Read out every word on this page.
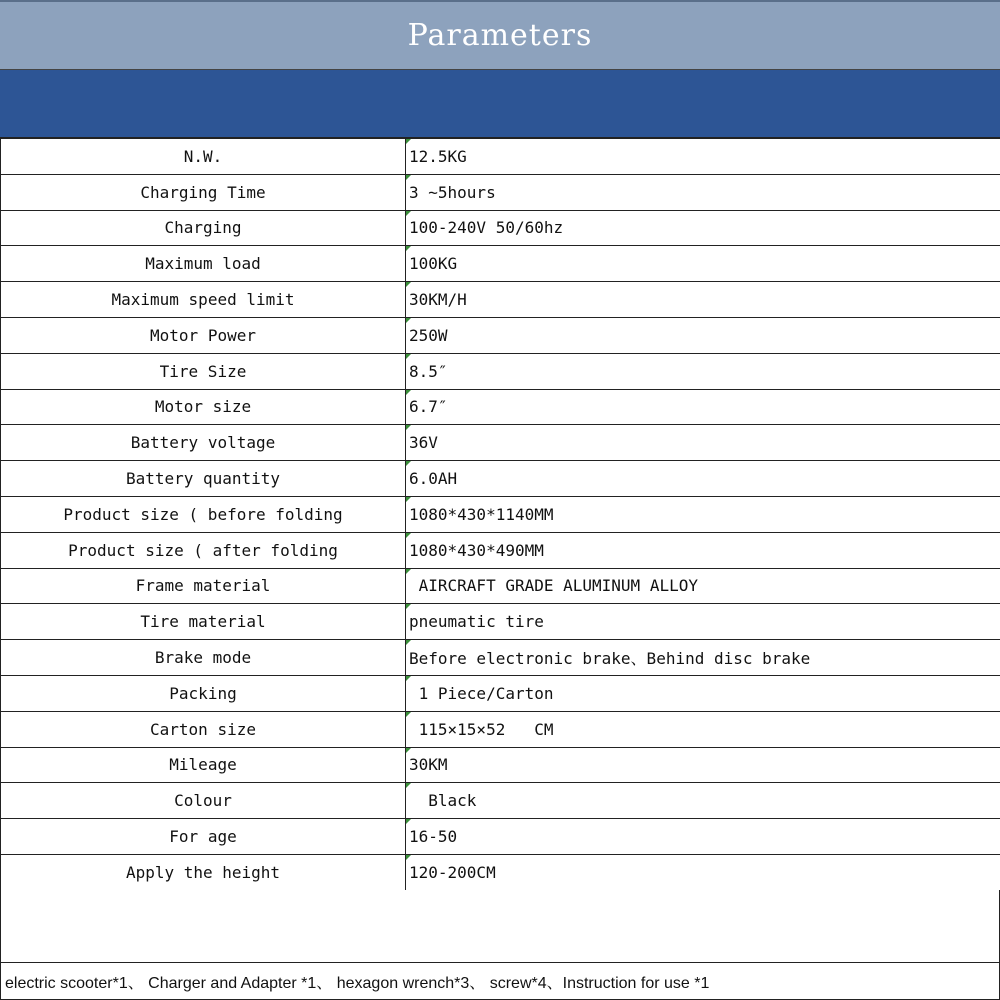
Parameters
N.W.	12.5KG
Charging Time	3 ~5hours
Charging	100-240V 50/60hz
Maximum load	100KG
Maximum speed limit	30KM/H
Motor Power	250W
Tire Size	8.5″
Motor size	6.7″
Battery voltage	36V
Battery quantity	6.0AH
Product size ( before folding	1080*430*1140MM
Product size ( after folding	1080*430*490MM
Frame material	AIRCRAFT GRADE ALUMINUM ALLOY
Tire material	pneumatic tire
Brake mode	Before electronic brake、Behind disc brake
Packing	1 Piece/Carton
Carton size	115×15×52   CM
Mileage	30KM
Colour	Black
For age	16-50
Apply the height	120-200CM
electric scooter*1、 Charger and Adapter *1、 hexagon wrench*3、 screw*4、Instruction for use *1
